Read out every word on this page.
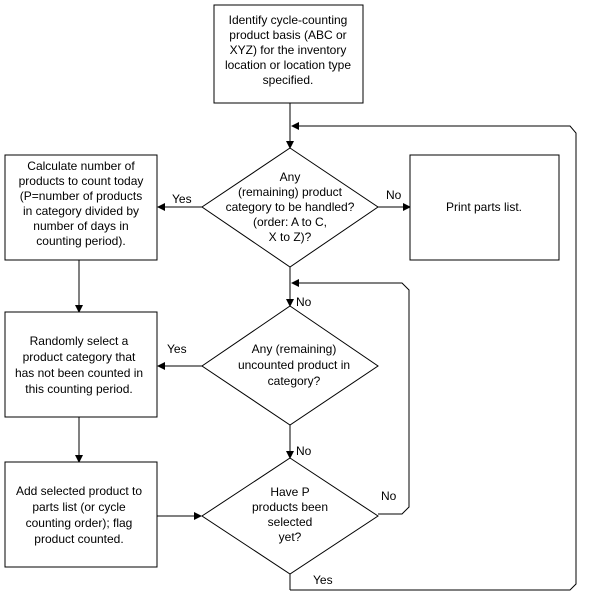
Identify cycle-counting product basis (ABC or XYZ) for the inventory location or location type specified.
Any (remaining) product category to be handled? (order: A to C, X to Z)?
Calculate number of products to count today (P=number of products in category divided by number of days in counting period).
Print parts list.
Randomly select a product category that has not been counted in this counting period.
Any (remaining) uncounted product in category?
Add selected product to parts list (or cycle counting order); flag product counted.
Have P products been selected yet?
Yes	No
No
Yes
No
No
Yes
